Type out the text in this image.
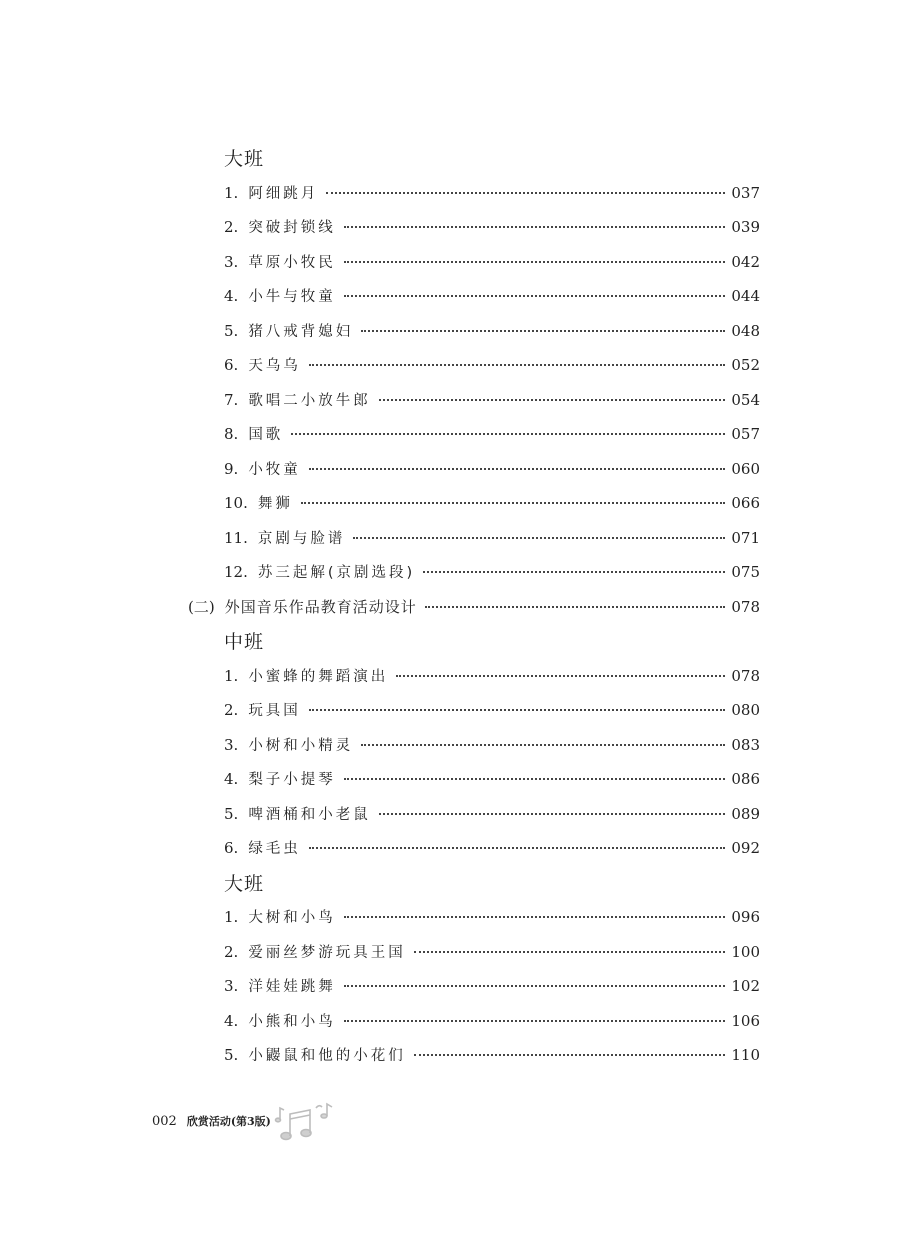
大班
1. 阿细跳月	037
2. 突破封锁线	039
3. 草原小牧民	042
4. 小牛与牧童	044
5. 猪八戒背媳妇	048
6. 天乌乌	052
7. 歌唱二小放牛郎	054
8. 国歌	057
9. 小牧童	060
10. 舞狮	066
11. 京剧与脸谱	071
12. 苏三起解(京剧选段)	075
(二) 外国音乐作品教育活动设计	078
中班
1. 小蜜蜂的舞蹈演出	078
2. 玩具国	080
3. 小树和小精灵	083
4. 梨子小提琴	086
5. 啤酒桶和小老鼠	089
6. 绿毛虫	092
大班
1. 大树和小鸟	096
2. 爱丽丝梦游玩具王国	100
3. 洋娃娃跳舞	102
4. 小熊和小鸟	106
5. 小鼹鼠和他的小花们	110
002 欣赏活动(第3版)
